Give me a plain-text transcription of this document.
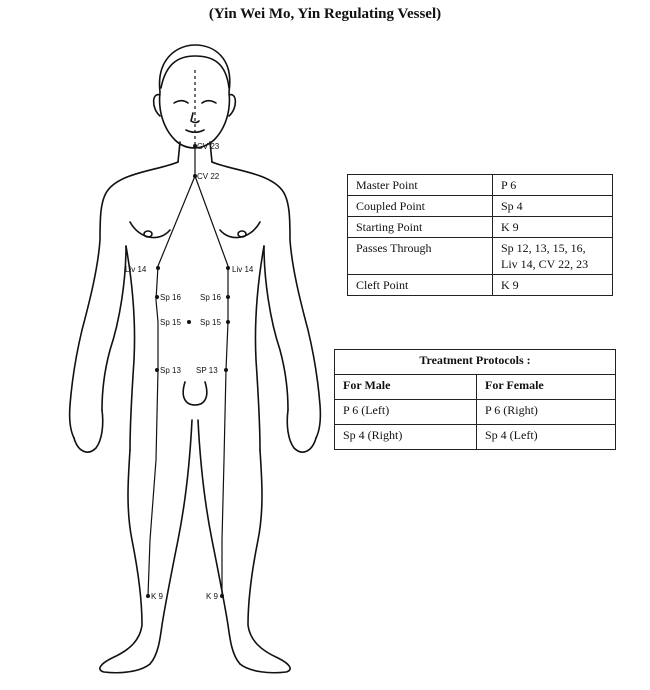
(Yin Wei Mo, Yin Regulating Vessel)
CV 23
CV 22
Liv 14	Liv 14
Sp 16 Sp 16
Sp 15 Sp 15
Sp 13 SP 13
K 9	K 9
Master Point	P 6
Coupled Point	Sp 4
Starting Point	K 9
Passes Through	Sp 12, 13, 15, 16,
Liv 14, CV 22, 23

Cleft Point	K 9
Treatment Protocols :	
For Male	For Female
P 6 (Left)	P 6 (Right)
Sp 4 (Right)	Sp 4 (Left)
